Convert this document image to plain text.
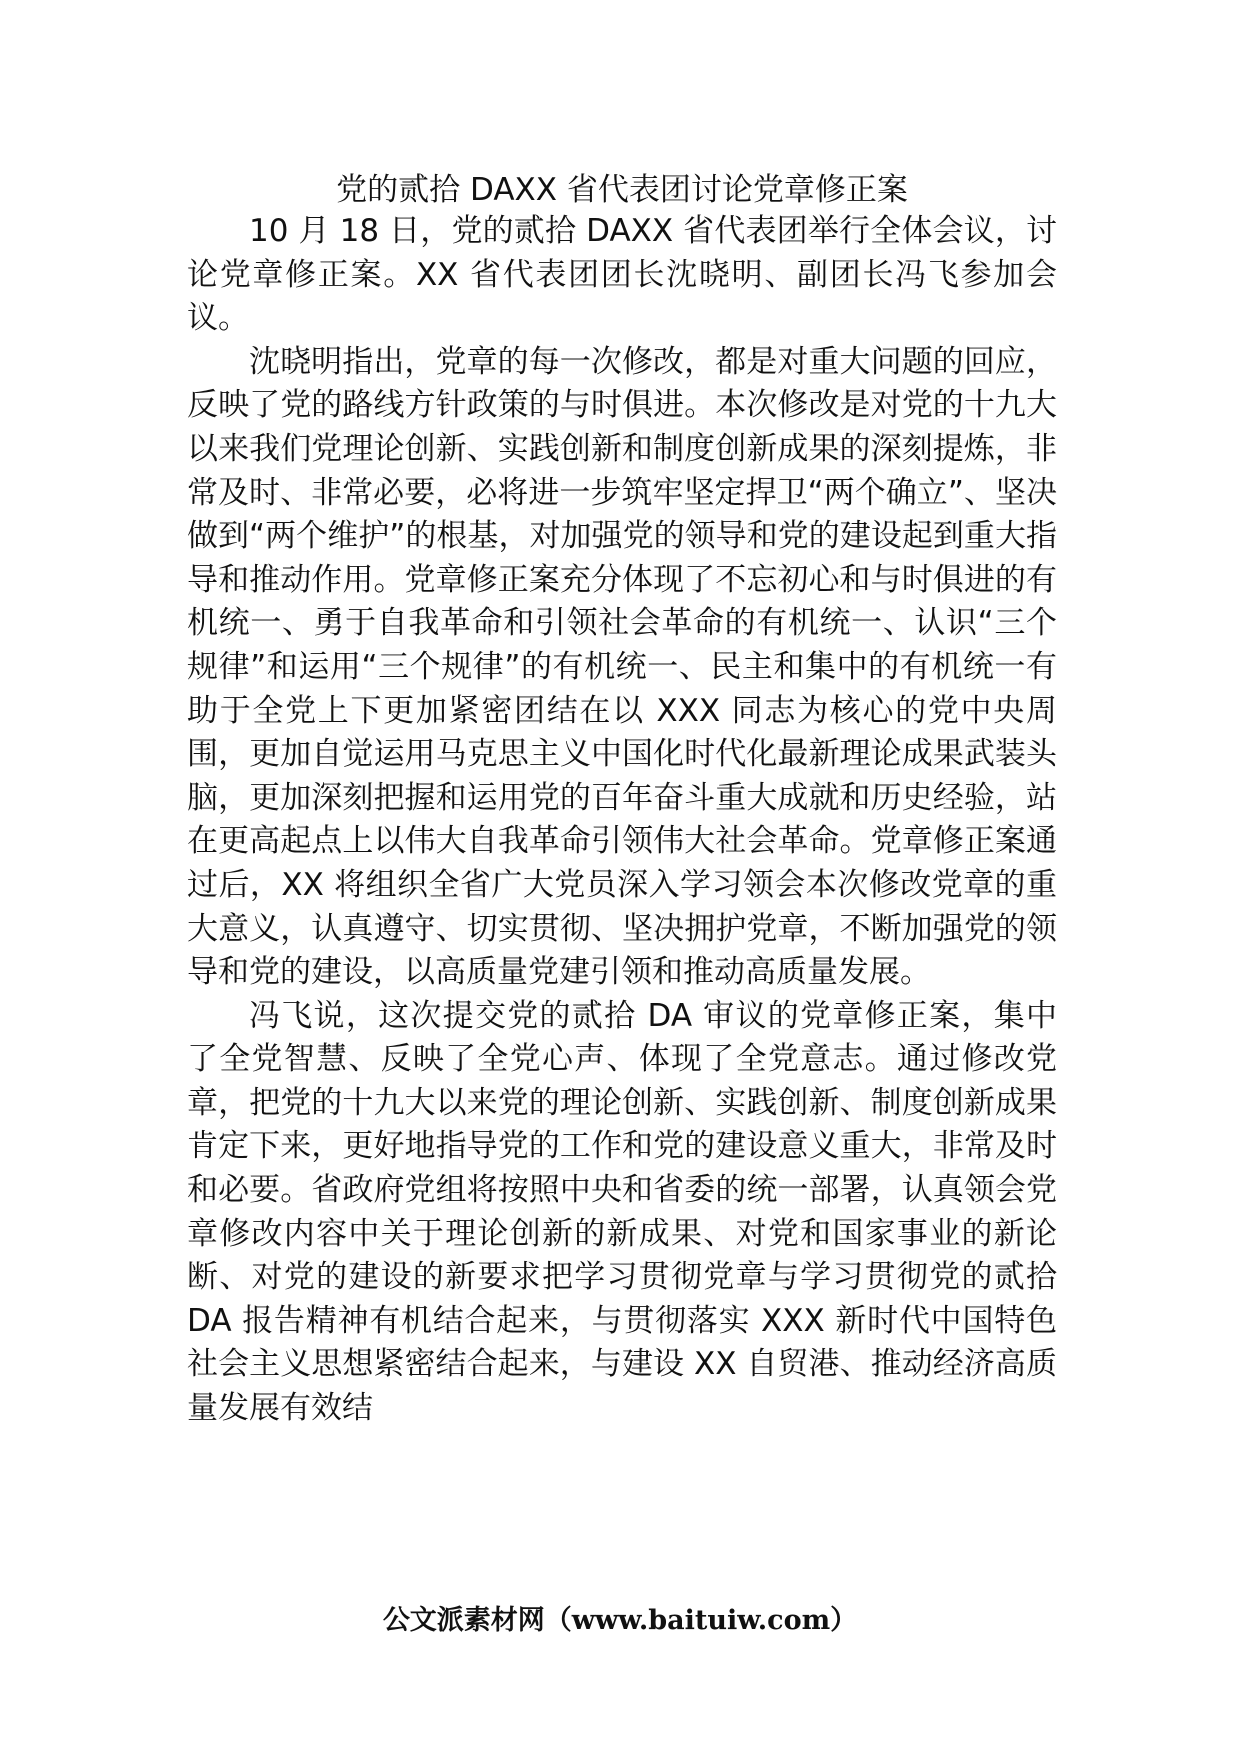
党的贰拾 DAXX 省代表团讨论党章修正案

10 月 18 日，党的贰拾 DAXX 省代表团举行全体会议，讨论党章修正案。XX 省代表团团长沈晓明、副团长冯飞参加会议。

沈晓明指出，党章的每一次修改，都是对重大问题的回应，反映了党的路线方针政策的与时俱进。本次修改是对党的十九大以来我们党理论创新、实践创新和制度创新成果的深刻提炼，非常及时、非常必要，必将进一步筑牢坚定捍卫“两个确立”、坚决做到“两个维护”的根基，对加强党的领导和党的建设起到重大指导和推动作用。党章修正案充分体现了不忘初心和与时俱进的有机统一、勇于自我革命和引领社会革命的有机统一、认识“三个规律”和运用“三个规律”的有机统一、民主和集中的有机统一有助于全党上下更加紧密团结在以 XXX 同志为核心的党中央周围，更加自觉运用马克思主义中国化时代化最新理论成果武装头脑，更加深刻把握和运用党的百年奋斗重大成就和历史经验，站在更高起点上以伟大自我革命引领伟大社会革命。党章修正案通过后，XX 将组织全省广大党员深入学习领会本次修改党章的重大意义，认真遵守、切实贯彻、坚决拥护党章，不断加强党的领导和党的建设，以高质量党建引领和推动高质量发展。

冯飞说，这次提交党的贰拾 DA 审议的党章修正案，集中了全党智慧、反映了全党心声、体现了全党意志。通过修改党章，把党的十九大以来党的理论创新、实践创新、制度创新成果肯定下来，更好地指导党的工作和党的建设意义重大，非常及时和必要。省政府党组将按照中央和省委的统一部署，认真领会党章修改内容中关于理论创新的新成果、对党和国家事业的新论断、对党的建设的新要求把学习贯彻党章与学习贯彻党的贰拾 DA 报告精神有机结合起来，与贯彻落实 XXX 新时代中国特色社会主义思想紧密结合起来，与建设 XX 自贸港、推动经济高质量发展有效结

公文派素材网（www.baituiw.com）
